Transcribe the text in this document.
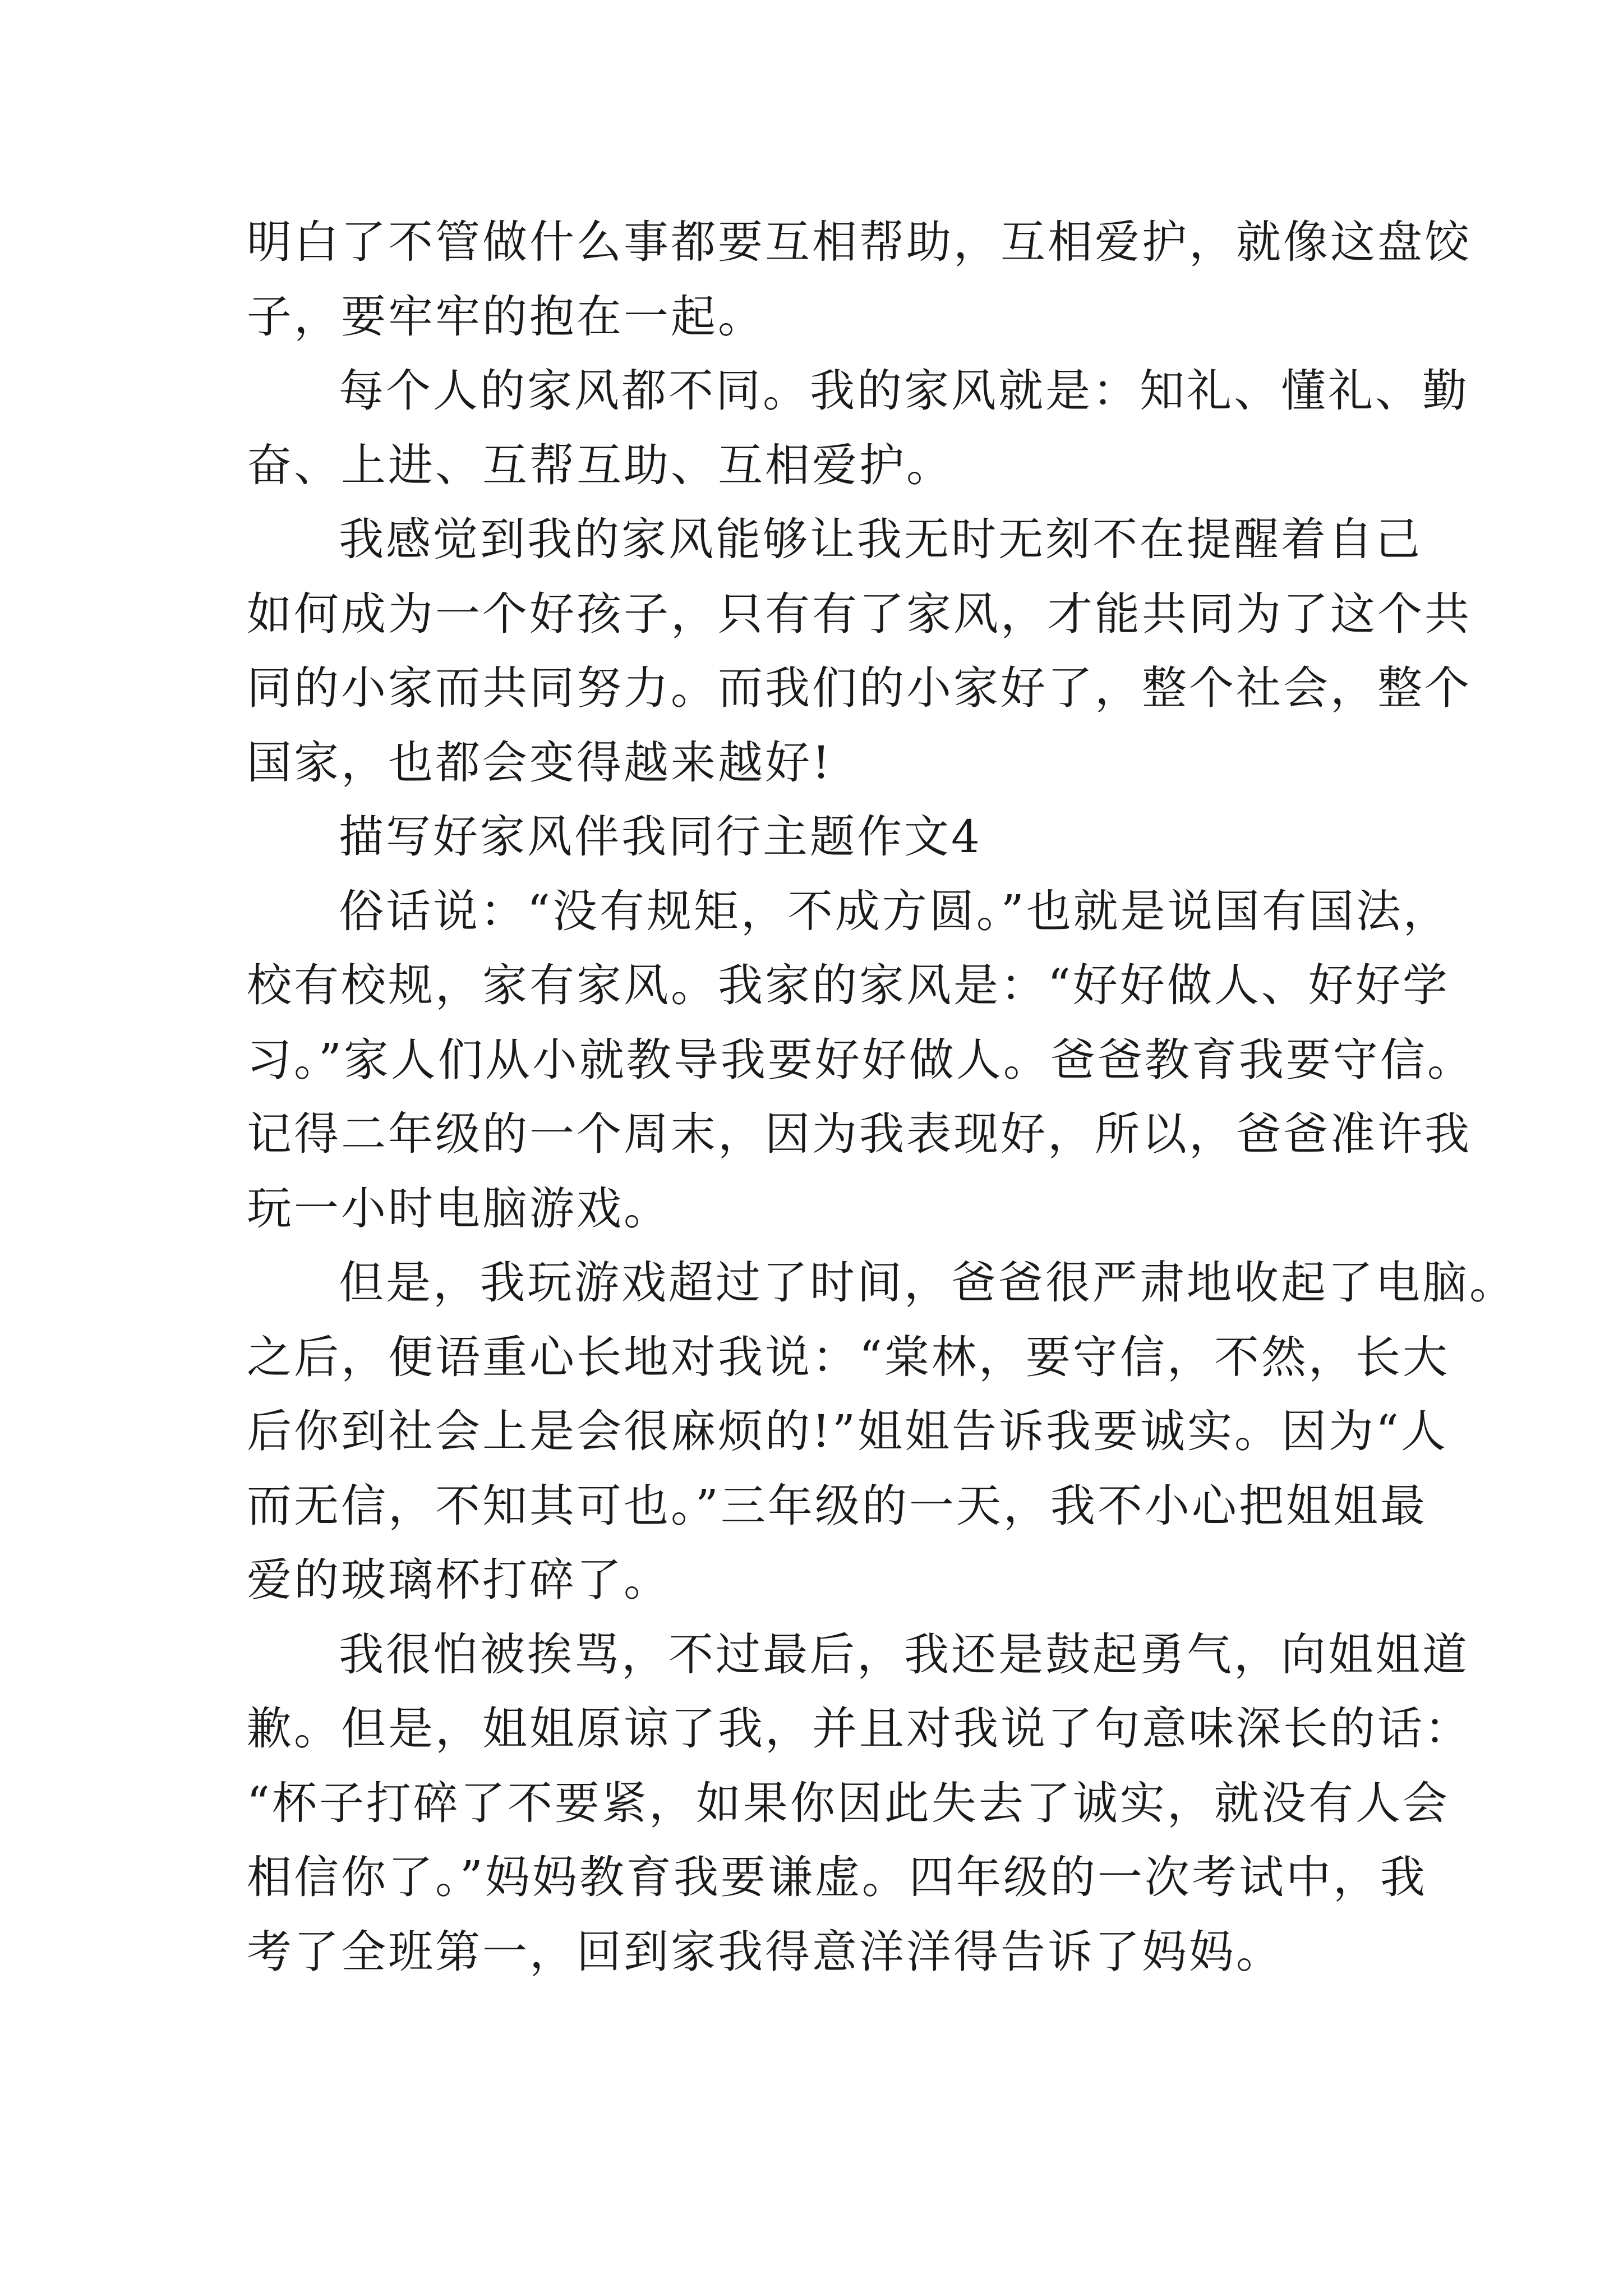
明白了不管做什么事都要互相帮助，互相爱护，就像这盘饺

子，要牢牢的抱在一起。

每个人的家风都不同。我的家风就是：知礼、懂礼、勤

奋、上进、互帮互助、互相爱护。

我感觉到我的家风能够让我无时无刻不在提醒着自己

如何成为一个好孩子，只有有了家风，才能共同为了这个共

同的小家而共同努力。而我们的小家好了，整个社会，整个

国家，也都会变得越来越好!

描写好家风伴我同行主题作文4

俗话说：“没有规矩，不成方圆。”也就是说国有国法，

校有校规，家有家风。我家的家风是：“好好做人、好好学

习。”家人们从小就教导我要好好做人。爸爸教育我要守信。

记得二年级的一个周末，因为我表现好，所以，爸爸准许我

玩一小时电脑游戏。

但是，我玩游戏超过了时间，爸爸很严肃地收起了电脑。

之后，便语重心长地对我说：“棠林，要守信，不然，长大

后你到社会上是会很麻烦的!”姐姐告诉我要诚实。因为“人

而无信，不知其可也。”三年级的一天，我不小心把姐姐最

爱的玻璃杯打碎了。

我很怕被挨骂，不过最后，我还是鼓起勇气，向姐姐道

歉。但是，姐姐原谅了我，并且对我说了句意味深长的话：

“杯子打碎了不要紧，如果你因此失去了诚实，就没有人会

相信你了。”妈妈教育我要谦虚。四年级的一次考试中，我

考了全班第一，回到家我得意洋洋得告诉了妈妈。
